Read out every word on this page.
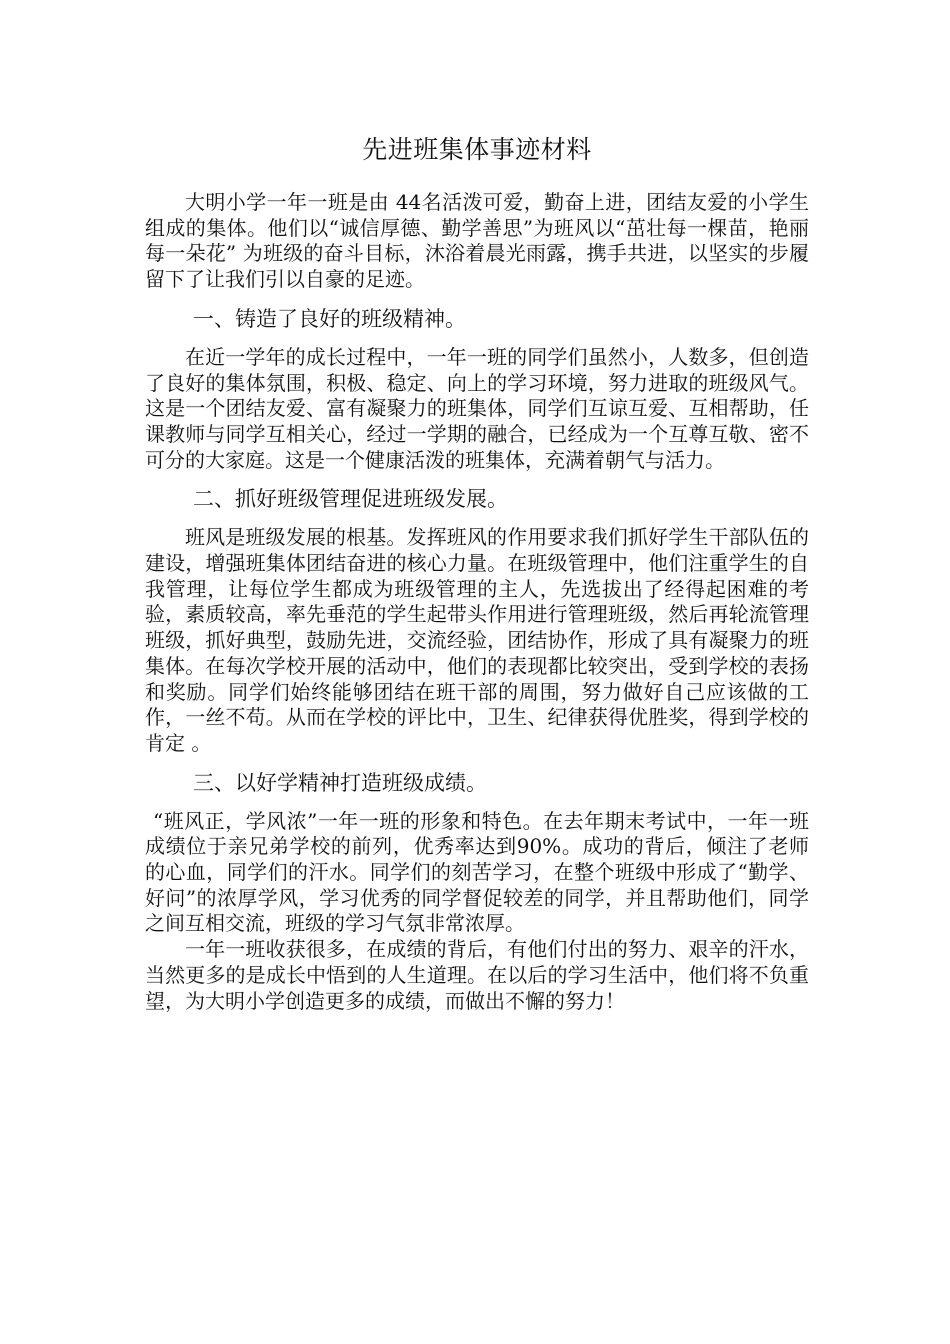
先进班集体事迹材料

大明小学一年一班是由 44名活泼可爱，勤奋上进，团结友爱的小学生组成的集体。他们以“诚信厚德、勤学善思”为班风以“茁壮每一棵苗，艳丽每一朵花” 为班级的奋斗目标，沐浴着晨光雨露，携手共进，以坚实的步履留下了让我们引以自豪的足迹。

一、铸造了良好的班级精神。

在近一学年的成长过程中，一年一班的同学们虽然小，人数多，但创造了良好的集体氛围，积极、稳定、向上的学习环境，努力进取的班级风气。这是一个团结友爱、富有凝聚力的班集体，同学们互谅互爱、互相帮助，任课教师与同学互相关心，经过一学期的融合，已经成为一个互尊互敬、密不可分的大家庭。这是一个健康活泼的班集体，充满着朝气与活力。

二、抓好班级管理促进班级发展。

班风是班级发展的根基。发挥班风的作用要求我们抓好学生干部队伍的建设，增强班集体团结奋进的核心力量。在班级管理中，他们注重学生的自我管理，让每位学生都成为班级管理的主人，先选拔出了经得起困难的考验，素质较高，率先垂范的学生起带头作用进行管理班级，然后再轮流管理班级，抓好典型，鼓励先进，交流经验，团结协作，形成了具有凝聚力的班集体。在每次学校开展的活动中，他们的表现都比较突出，受到学校的表扬和奖励。同学们始终能够团结在班干部的周围，努力做好自己应该做的工作，一丝不苟。从而在学校的评比中，卫生、纪律获得优胜奖，得到学校的肯定 。

三、以好学精神打造班级成绩。

“班风正，学风浓”一年一班的形象和特色。在去年期末考试中，一年一班成绩位于亲兄弟学校的前列，优秀率达到90%。成功的背后，倾注了老师的心血，同学们的汗水。同学们的刻苦学习，在整个班级中形成了“勤学、好问”的浓厚学风，学习优秀的同学督促较差的同学，并且帮助他们，同学之间互相交流，班级的学习气氛非常浓厚。

一年一班收获很多，在成绩的背后，有他们付出的努力、艰辛的汗水，当然更多的是成长中悟到的人生道理。在以后的学习生活中，他们将不负重望，为大明小学创造更多的成绩，而做出不懈的努力！
